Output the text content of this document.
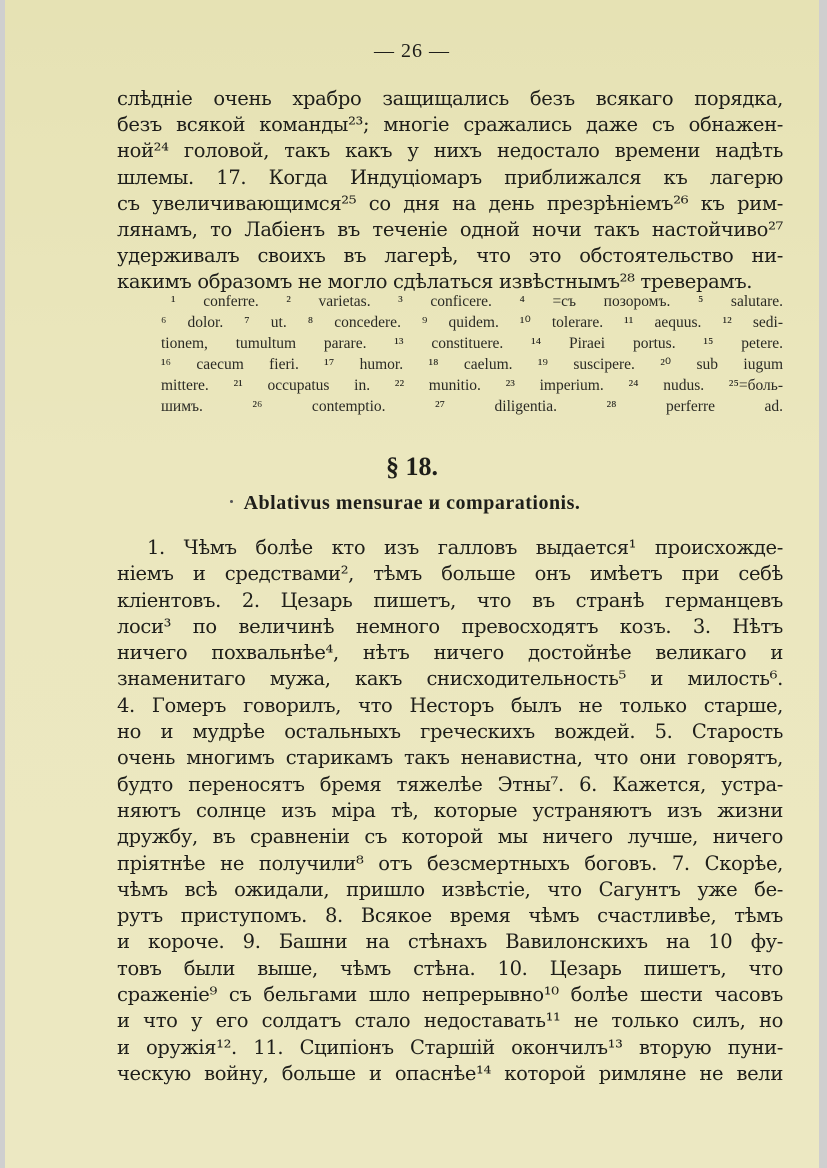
— 26 —
слѣдніе очень храбро защищались безъ всякаго порядка,
безъ всякой команды²³; многіе сражались даже съ обнажен-
ной²⁴ головой, такъ какъ у нихъ недостало времени надѣть
шлемы. 17. Когда Индуціомаръ приближался къ лагерю
съ увеличивающимся²⁵ со дня на день презрѣніемъ²⁶ къ рим-
лянамъ, то Лабіенъ въ теченіе одной ночи такъ настойчиво²⁷
удерживалъ своихъ въ лагерѣ, что это обстоятельство ни-
какимъ образомъ не могло сдѣлаться извѣстнымъ²⁸ треверамъ.
¹ conferre. ² varietas. ³ conficere. ⁴ =съ позоромъ. ⁵ salutare.
⁶ dolor. ⁷ ut. ⁸ concedere. ⁹ quidem. ¹⁰ tolerare. ¹¹ aequus. ¹² sedi-
tionem, tumultum parare. ¹³ constituere. ¹⁴ Piraei portus. ¹⁵ petere.
¹⁶ caecum fieri. ¹⁷ humor. ¹⁸ caelum. ¹⁹ suscipere. ²⁰ sub iugum
mittere. ²¹ occupatus in. ²² munitio. ²³ imperium. ²⁴ nudus. ²⁵=боль-
шимъ. ²⁶ contemptio. ²⁷ diligentia. ²⁸ perferre ad.
§ 18.
Ablativus mensurae и comparationis.
1. Чѣмъ болѣе кто изъ галловъ выдается¹ происхожде-
ніемъ и средствами², тѣмъ больше онъ имѣетъ при себѣ
кліентовъ. 2. Цезарь пишетъ, что въ странѣ германцевъ
лоси³ по величинѣ немного превосходятъ козъ. 3. Нѣтъ
ничего похвальнѣе⁴, нѣтъ ничего достойнѣе великаго и
знаменитаго мужа, какъ снисходительность⁵ и милость⁶.
4. Гомеръ говорилъ, что Несторъ былъ не только старше,
но и мудрѣе остальныхъ греческихъ вождей. 5. Старость
очень многимъ старикамъ такъ ненавистна, что они говорятъ,
будто переносятъ бремя тяжелѣе Этны⁷. 6. Кажется, устра-
няютъ солнце изъ міра тѣ, которые устраняютъ изъ жизни
дружбу, въ сравненіи съ которой мы ничего лучше, ничего
пріятнѣе не получили⁸ отъ безсмертныхъ боговъ. 7. Скорѣе,
чѣмъ всѣ ожидали, пришло извѣстіе, что Сагунтъ уже бе-
рутъ приступомъ. 8. Всякое время чѣмъ счастливѣе, тѣмъ
и короче. 9. Башни на стѣнахъ Вавилонскихъ на 10 фу-
товъ были выше, чѣмъ стѣна. 10. Цезарь пишетъ, что
сраженіе⁹ съ бельгами шло непрерывно¹⁰ болѣе шести часовъ
и что у его солдатъ стало недоставать¹¹ не только силъ, но
и оружія¹². 11. Сципіонъ Старшій окончилъ¹³ вторую пуни-
ческую войну, больше и опаснѣе¹⁴ которой римляне не вели
